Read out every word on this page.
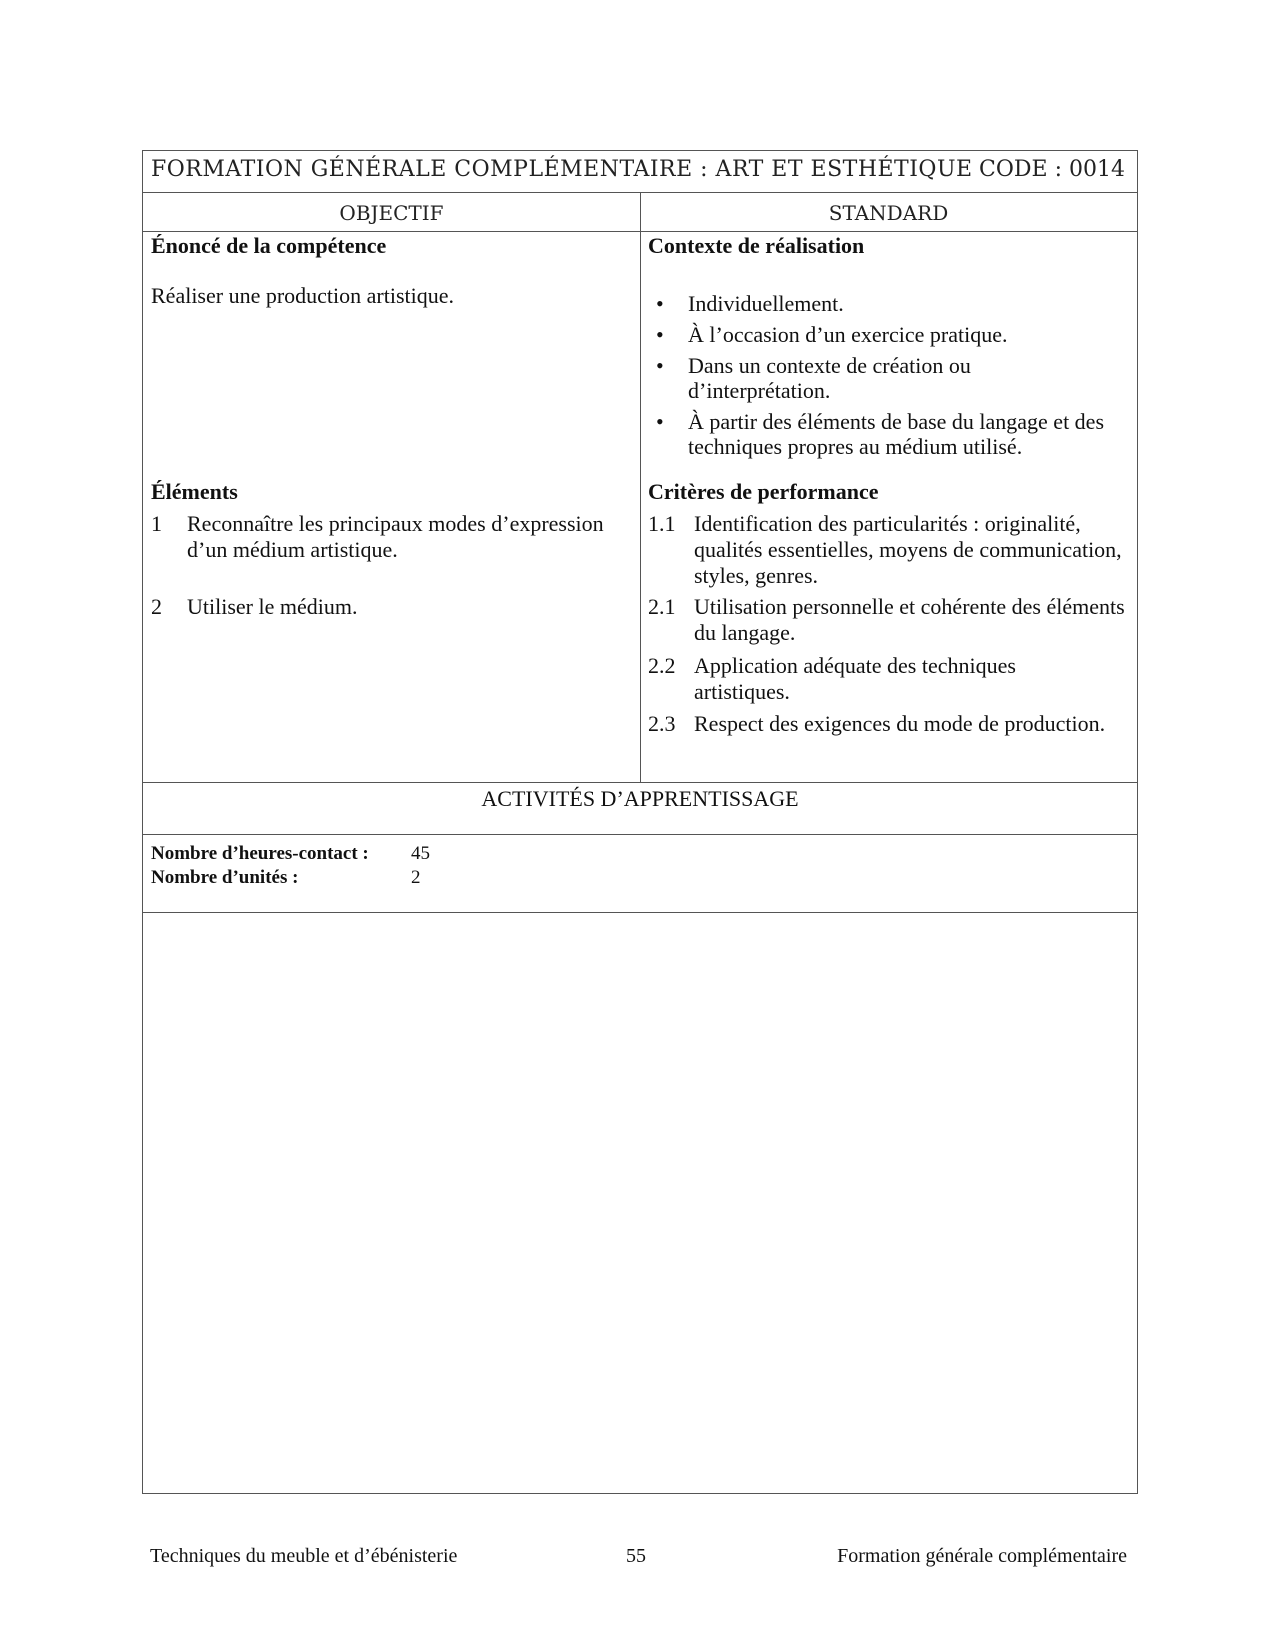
FORMATION GÉNÉRALE COMPLÉMENTAIRE : ART ET ESTHÉTIQUE CODE : 0014
OBJECTIF	STANDARD
Énoncé de la compétence
Réaliser une production artistique.
Éléments
1 Reconnaître les principaux modes d’expression d’un médium artistique.
2 Utiliser le médium.
Contexte de réalisation
• Individuellement.
• À l’occasion d’un exercice pratique.
• Dans un contexte de création ou d’interprétation.
• À partir des éléments de base du langage et des techniques propres au médium utilisé.
Critères de performance
1.1 Identification des particularités : originalité, qualités essentielles, moyens de communication, styles, genres.
2.1 Utilisation personnelle et cohérente des éléments du langage.
2.2 Application adéquate des techniques artistiques.
2.3 Respect des exigences du mode de production.
ACTIVITÉS D’APPRENTISSAGE
Nombre d’heures-contact : 45
Nombre d’unités :	2
Techniques du meuble et d’ébénisterie	55	Formation générale complémentaire
